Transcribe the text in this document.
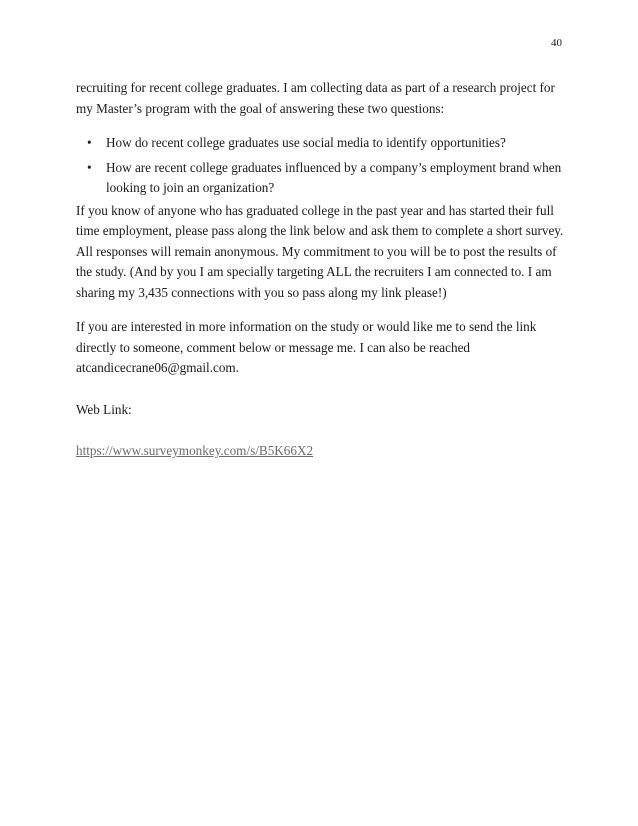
40

recruiting for recent college graduates. I am collecting data as part of a research project for my Master’s program with the goal of answering these two questions:

• How do recent college graduates use social media to identify opportunities?
• How are recent college graduates influenced by a company’s employment brand when looking to join an organization?

If you know of anyone who has graduated college in the past year and has started their full time employment, please pass along the link below and ask them to complete a short survey. All responses will remain anonymous. My commitment to you will be to post the results of the study. (And by you I am specially targeting ALL the recruiters I am connected to. I am sharing my 3,435 connections with you so pass along my link please!)

If you are interested in more information on the study or would like me to send the link directly to someone, comment below or message me. I can also be reached atcandicecrane06@gmail.com.

Web Link:

https://www.surveymonkey.com/s/B5K66X2
